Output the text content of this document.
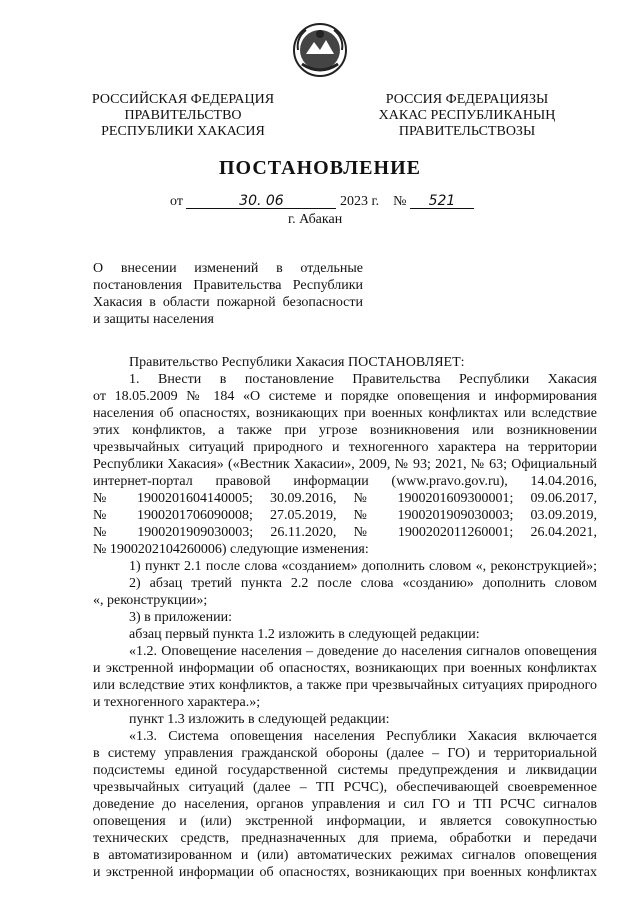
РОССИЙСКАЯ ФЕДЕРАЦИЯ
ПРАВИТЕЛЬСТВО
РЕСПУБЛИКИ ХАКАСИЯ
РОССИЯ ФЕДЕРАЦИЯЗЫ
ХАКАС РЕСПУБЛИКАНЫҢ
ПРАВИТЕЛЬСТВОЗЫ
ПОСТАНОВЛЕНИЕ
от	30. 06	2023 г. № 521
г. Абакан
О внесении изменений в отдельные
постановления Правительства Республики
Хакасия в области пожарной безопасности
и защиты населения
Правительство Республики Хакасия ПОСТАНОВЛЯЕТ:
1. Внести в постановление Правительства Республики Хакасия
от 18.05.2009 № 184 «О системе и порядке оповещения и информирования
населения об опасностях, возникающих при военных конфликтах или вследствие
этих конфликтов, а также при угрозе возникновения или возникновении
чрезвычайных ситуаций природного и техногенного характера на территории
Республики Хакасия» («Вестник Хакасии», 2009, № 93; 2021, № 63; Официальный
интернет-портал правовой информации (www.pravo.gov.ru), 14.04.2016,
№ 1900201604140005; 30.09.2016, № 1900201609300001; 09.06.2017,
№ 1900201706090008; 27.05.2019, № 1900201909030003; 03.09.2019,
№ 1900201909030003; 26.11.2020, № 1900202011260001; 26.04.2021,
№ 1900202104260006) следующие изменения:
1) пункт 2.1 после слова «созданием» дополнить словом «, реконструкцией»;
2) абзац третий пункта 2.2 после слова «созданию» дополнить словом
«, реконструкции»;
3) в приложении:
абзац первый пункта 1.2 изложить в следующей редакции:
«1.2. Оповещение населения – доведение до населения сигналов оповещения
и экстренной информации об опасностях, возникающих при военных конфликтах
или вследствие этих конфликтов, а также при чрезвычайных ситуациях природного
и техногенного характера.»;
пункт 1.3 изложить в следующей редакции:
«1.3. Система оповещения населения Республики Хакасия включается
в систему управления гражданской обороны (далее – ГО) и территориальной
подсистемы единой государственной системы предупреждения и ликвидации
чрезвычайных ситуаций (далее – ТП РСЧС), обеспечивающей своевременное
доведение до населения, органов управления и сил ГО и ТП РСЧС сигналов
оповещения и (или) экстренной информации, и является совокупностью
технических средств, предназначенных для приема, обработки и передачи
в автоматизированном и (или) автоматических режимах сигналов оповещения
и экстренной информации об опасностях, возникающих при военных конфликтах
